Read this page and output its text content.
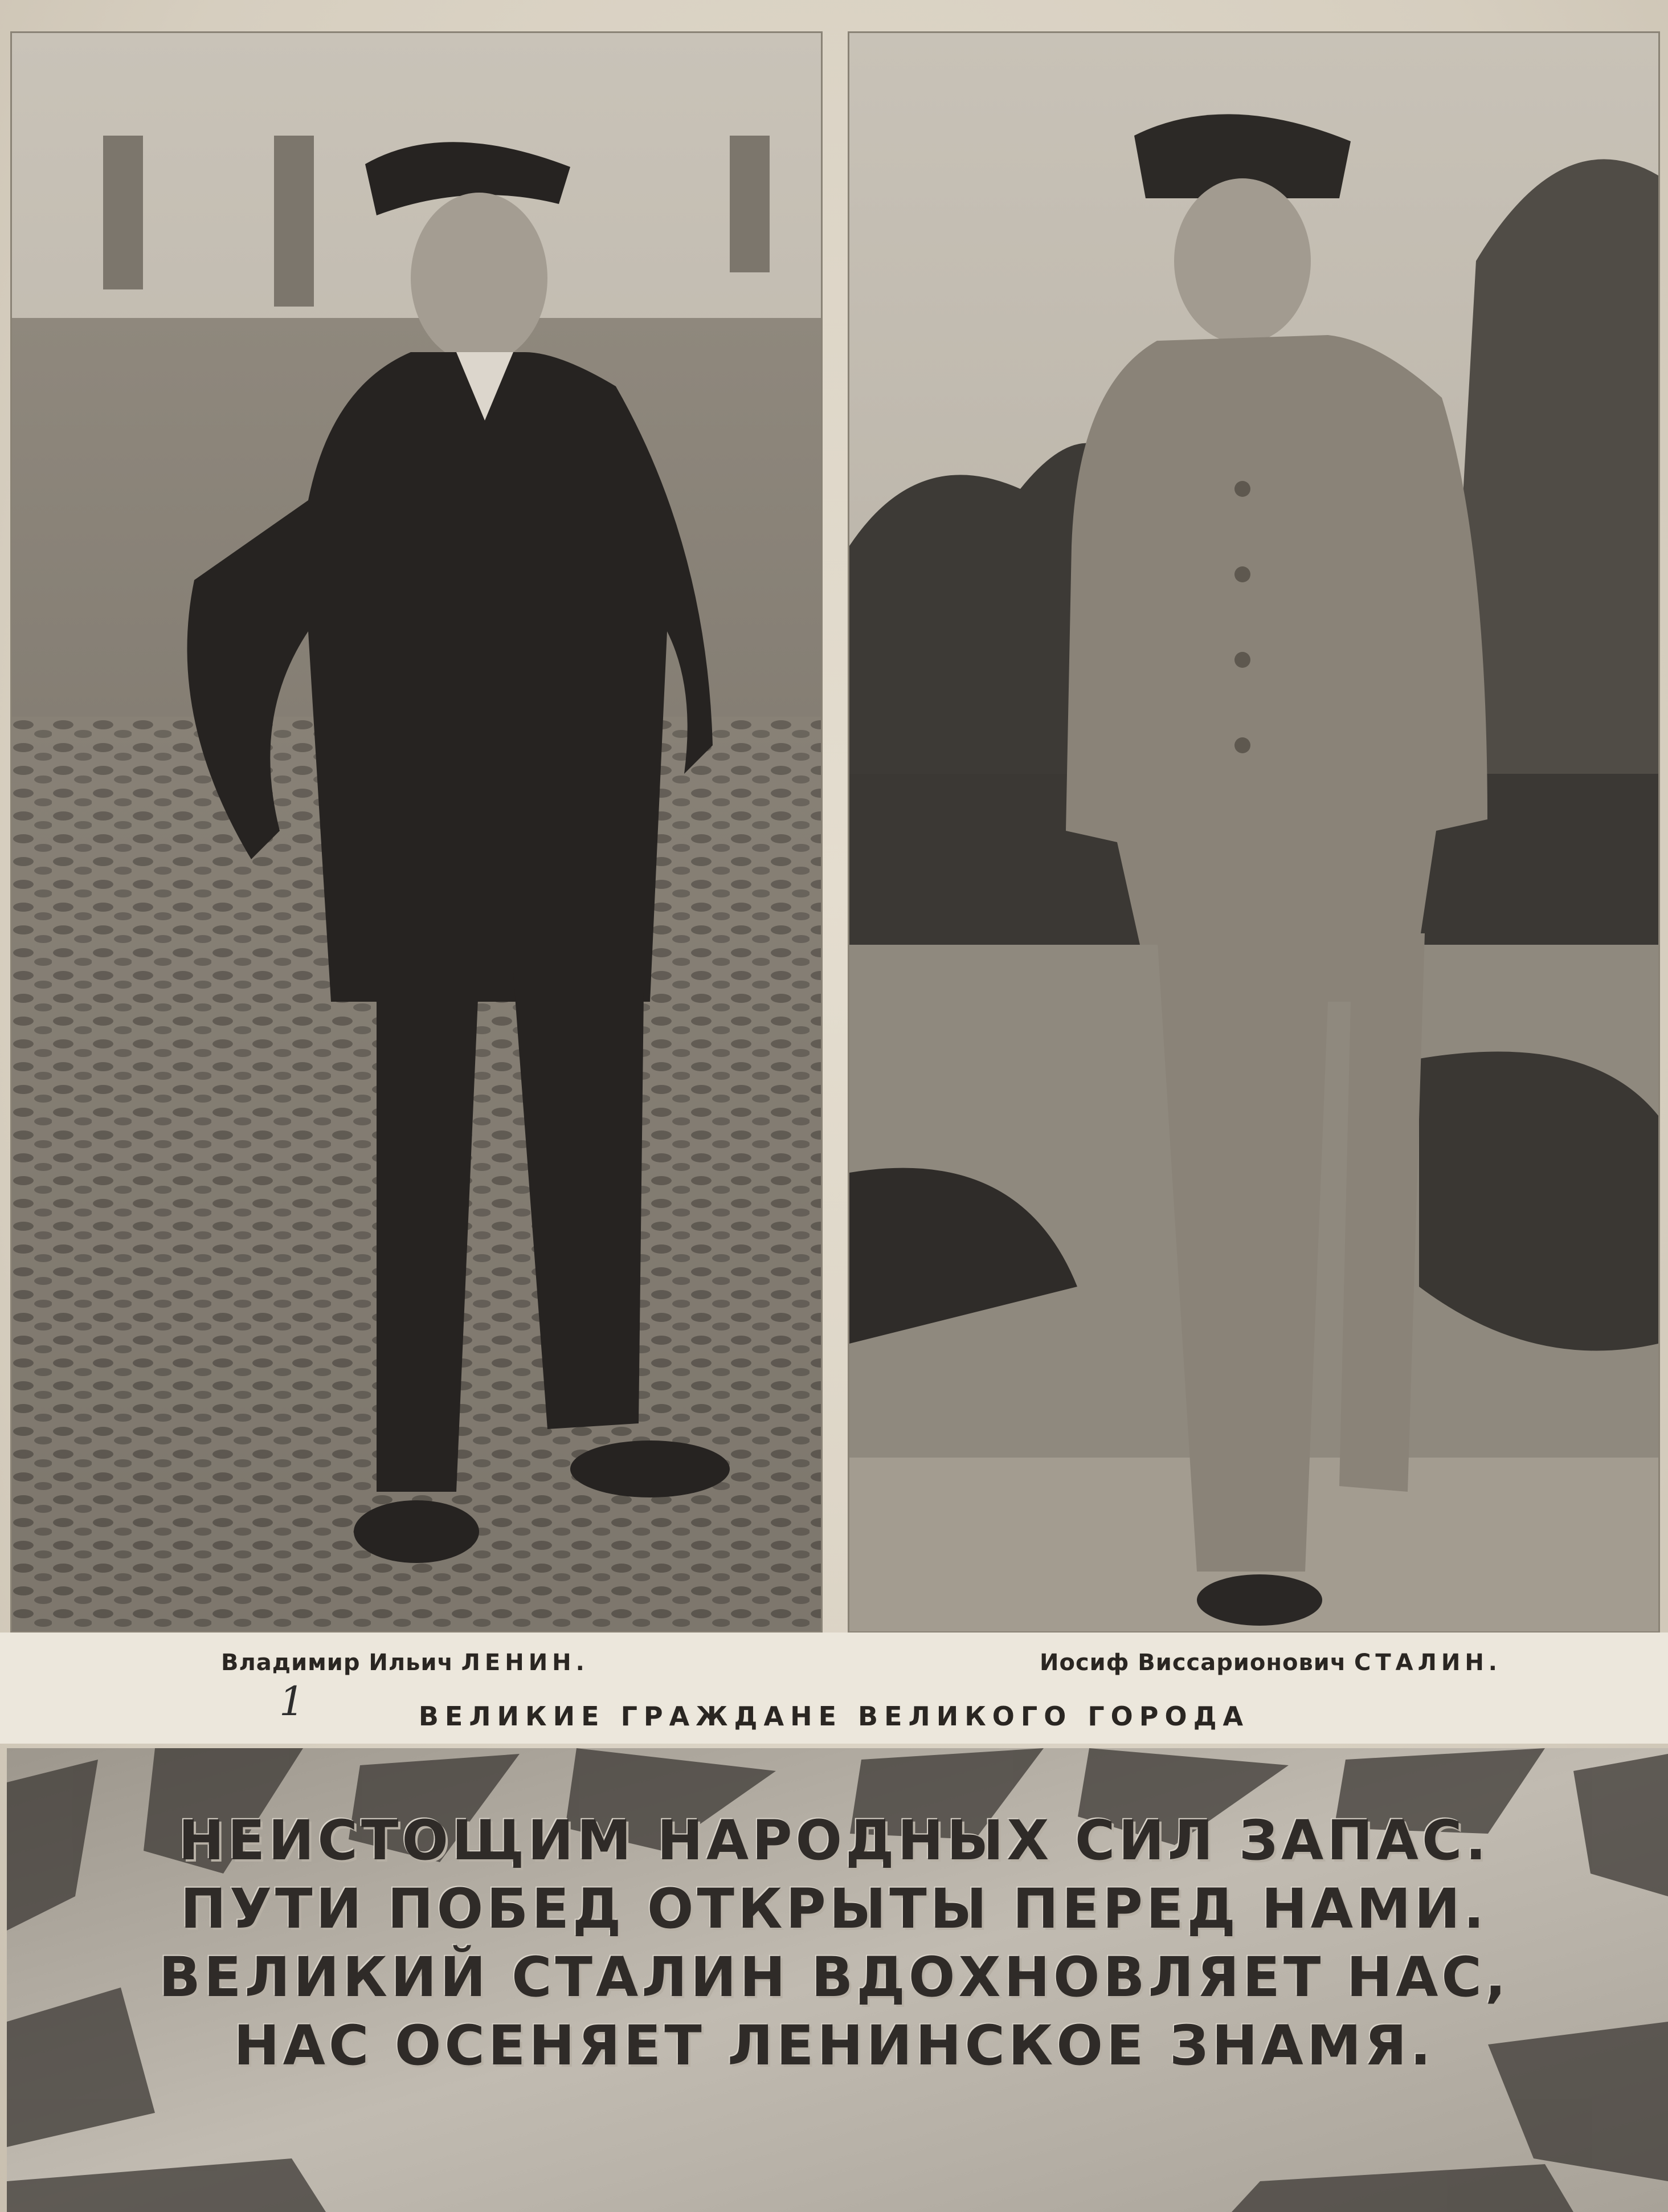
Владимир Ильич ЛЕНИН.	Иосиф Виссарионович СТАЛИН.
1	ВЕЛИКИЕ ГРАЖДАНЕ ВЕЛИКОГО ГОРОДА
НЕИСТОЩИМ НАРОДНЫХ СИЛ ЗАПАС.
ПУТИ ПОБЕД ОТКРЫТЫ ПЕРЕД НАМИ.
ВЕЛИКИЙ СТАЛИН ВДОХНОВЛЯЕТ НАС,
НАС ОСЕНЯЕТ ЛЕНИНСКОЕ ЗНАМЯ.
